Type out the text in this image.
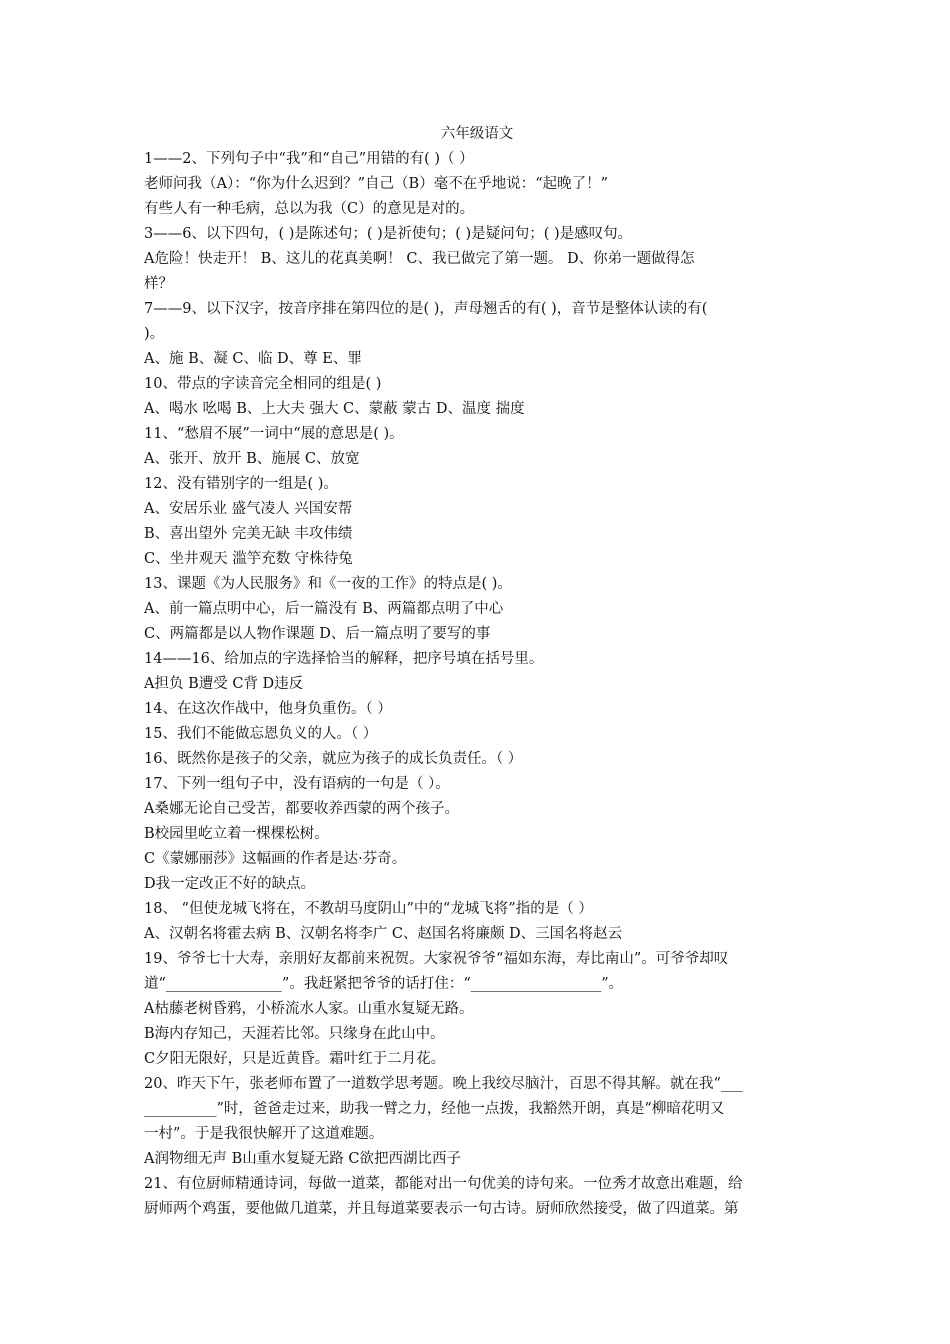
六年级语文
1——2、下列句子中“我”和“自己”用错的有( )（ ）
老师问我（A）：“你为什么迟到？”自己（B）毫不在乎地说：“起晚了！”
有些人有一种毛病，总以为我（C）的意见是对的。
3——6、以下四句，( )是陈述句；( )是祈使句；( )是疑问句；( )是感叹句。
A危险！快走开！ B、这儿的花真美啊！ C、我已做完了第一题。 D、你弟一题做得怎
样？
7——9、以下汉字，按音序排在第四位的是( )，声母翘舌的有( )，音节是整体认读的有(
)。
A、施 B、凝 C、临 D、尊 E、罪
10、带点的字读音完全相同的组是( )
A、喝水 吆喝 B、上大夫 强大 C、蒙蔽 蒙古 D、温度 揣度
11、“愁眉不展”一词中“展的意思是( )。
A、张开、放开 B、施展 C、放宽
12、没有错别字的一组是( )。
A、安居乐业 盛气凌人 兴国安帮
B、喜出望外 完美无缺 丰攻伟绩
C、坐井观天 滥竽充数 守株待兔
13、课题《为人民服务》和《一夜的工作》的特点是( )。
A、前一篇点明中心，后一篇没有 B、两篇都点明了中心
C、两篇都是以人物作课题 D、后一篇点明了要写的事
14——16、给加点的字选择恰当的解释，把序号填在括号里。
A担负 B遭受 C背 D违反
14、在这次作战中，他身负重伤。（ ）
15、我们不能做忘恩负义的人。（ ）
16、既然你是孩子的父亲，就应为孩子的成长负责任。（ ）
17、下列一组句子中，没有语病的一句是（ ）。
A桑娜无论自己受苦，都要收养西蒙的两个孩子。
B校园里屹立着一棵棵松树。
C《蒙娜丽莎》这幅画的作者是达·芬奇。
D我一定改正不好的缺点。
18、 “但使龙城飞将在，不教胡马度阴山”中的“龙城飞将”指的是（ ）
A、汉朝名将霍去病 B、汉朝名将李广 C、赵国名将廉颇 D、三国名将赵云
19、爷爷七十大寿，亲朋好友都前来祝贺。大家祝爷爷“福如东海，寿比南山”。可爷爷却叹
道“________________”。我赶紧把爷爷的话打住：“__________________”。
A枯藤老树昏鸦，小桥流水人家。山重水复疑无路。
B海内存知己，天涯若比邻。只缘身在此山中。
C夕阳无限好，只是近黄昏。霜叶红于二月花。
20、昨天下午，张老师布置了一道数学思考题。晚上我绞尽脑汁，百思不得其解。就在我“___
__________”时，爸爸走过来，助我一臂之力，经他一点拨，我豁然开朗，真是“柳暗花明又
一村”。于是我很快解开了这道难题。
A润物细无声 B山重水复疑无路 C欲把西湖比西子
21、有位厨师精通诗词，每做一道菜，都能对出一句优美的诗句来。一位秀才故意出难题，给
厨师两个鸡蛋，要他做几道菜，并且每道菜要表示一句古诗。厨师欣然接受，做了四道菜。第
